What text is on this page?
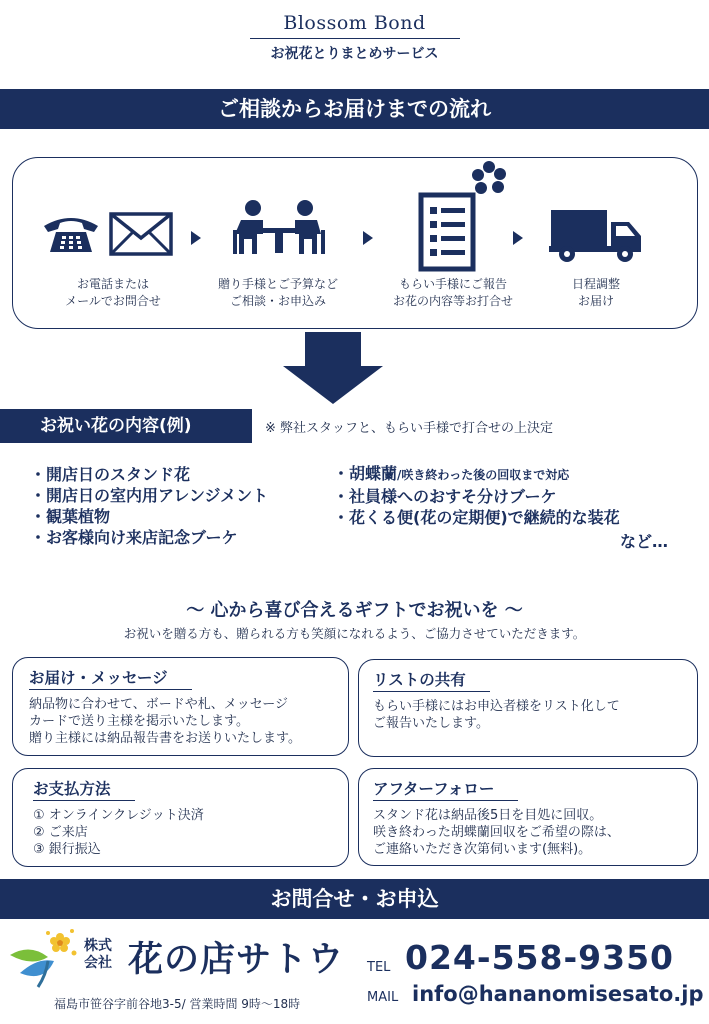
Blossom Bond
お祝花とりまとめサービス
ご相談からお届けまでの流れ
お電話または
メールでお問合せ
贈り手様とご予算など
ご相談・お申込み
もらい手様にご報告
お花の内容等お打合せ
日程調整
お届け
お祝い花の内容(例)	※ 弊社スタッフと、もらい手様で打合せの上決定
・開店日のスタンド花
・開店日の室内用アレンジメント
・観葉植物
・お客様向け来店記念ブーケ
・胡蝶蘭/咲き終わった後の回収まで対応
・社員様へのおすそ分けブーケ
・花くる便(花の定期便)で継続的な装花
など…
～ 心から喜び合えるギフトでお祝いを ～
お祝いを贈る方も、贈られる方も笑顔になれるよう、ご協力させていただきます。
お届け・メッセージ
納品物に合わせて、ボードや札、メッセージ
カードで送り主様を掲示いたします。
贈り主様には納品報告書をお送りいたします。
リストの共有
もらい手様にはお申込者様をリスト化して
ご報告いたします。
お支払方法
① オンラインクレジット決済
② ご来店
③ 銀行振込
アフターフォロー
スタンド花は納品後5日を目処に回収。
咲き終わった胡蝶蘭回収をご希望の際は、
ご連絡いただき次第伺います(無料)。
お問合せ・お申込
株式
会社 花の店サトウ
福島市笹谷字前谷地3-5/ 営業時間 9時～18時
TEL 024-558-9350
MAIL info@hananomisesato.jp
